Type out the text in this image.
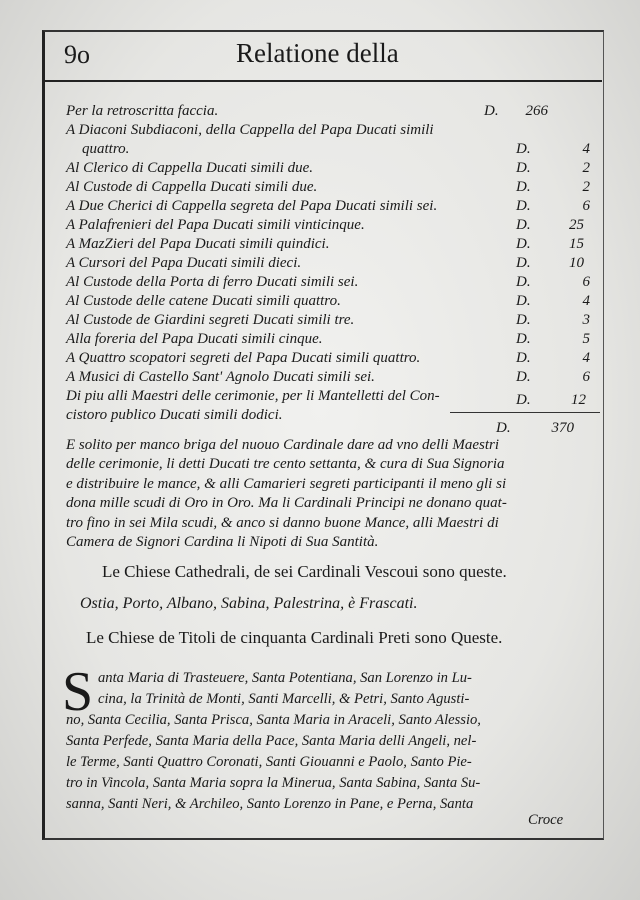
9o	Relatione della
Per la retroscritta faccia.	D.	266
A Diaconi Subdiaconi, della Cappella del Papa Ducati simili
quattro.	D.	4
Al Clerico di Cappella Ducati simili due.	D.	2
Al Custode di Cappella Ducati simili due.	D.	2
A Due Cherici di Cappella segreta del Papa Ducati simili sei.	D.	6
A Palafrenieri del Papa Ducati simili vinticinque.	D.	25
A MazZieri del Papa Ducati simili quindici.	D.	15
A Cursori del Papa Ducati simili dieci.	D.	10
Al Custode della Porta di ferro Ducati simili sei.	D.	6
Al Custode delle catene Ducati simili quattro.	D.	4
Al Custode de Giardini segreti Ducati simili tre.	D.	3
Alla foreria del Papa Ducati simili cinque.	D.	5
A Quattro scopatori segreti del Papa Ducati simili quattro.	D.	4
A Musici di Castello Sant' Agnolo Ducati simili sei.	D.	6
Di piu alli Maestri delle cerimonie, per li Mantelletti del Con-
cistoro publico Ducati simili dodici.
D.	12
D.	370
E solito per manco briga del nuouo Cardinale dare ad vno delli Maestri
delle cerimonie, li detti Ducati tre cento settanta, & cura di Sua Signoria
e distribuire le mance, & alli Camarieri segreti participanti il meno gli si
dona mille scudi di Oro in Oro. Ma li Cardinali Principi ne donano quat-
tro fino in sei Mila scudi, & anco si danno buone Mance, alli Maestri di
Camera de Signori Cardina li Nipoti di Sua Santità.
Le Chiese Cathedrali, de sei Cardinali Vescoui sono queste.
Ostia, Porto, Albano, Sabina, Palestrina, è Frascati.
Le Chiese de Titoli de cinquanta Cardinali Preti sono Queste.
S anta Maria di Trasteuere, Santa Potentiana, San Lorenzo in Lu-
cina, la Trinità de Monti, Santi Marcelli, & Petri, Santo Agusti-
no, Santa Cecilia, Santa Prisca, Santa Maria in Araceli, Santo Alessio,
Santa Perfede, Santa Maria della Pace, Santa Maria delli Angeli, nel-
le Terme, Santi Quattro Coronati, Santi Giouanni e Paolo, Santo Pie-
tro in Vincola, Santa Maria sopra la Mineruа, Santa Sabina, Santa Su-
sanna, Santi Neri, & Archileo, Santo Lorenzo in Pane, e Perna, Santa
Croce
